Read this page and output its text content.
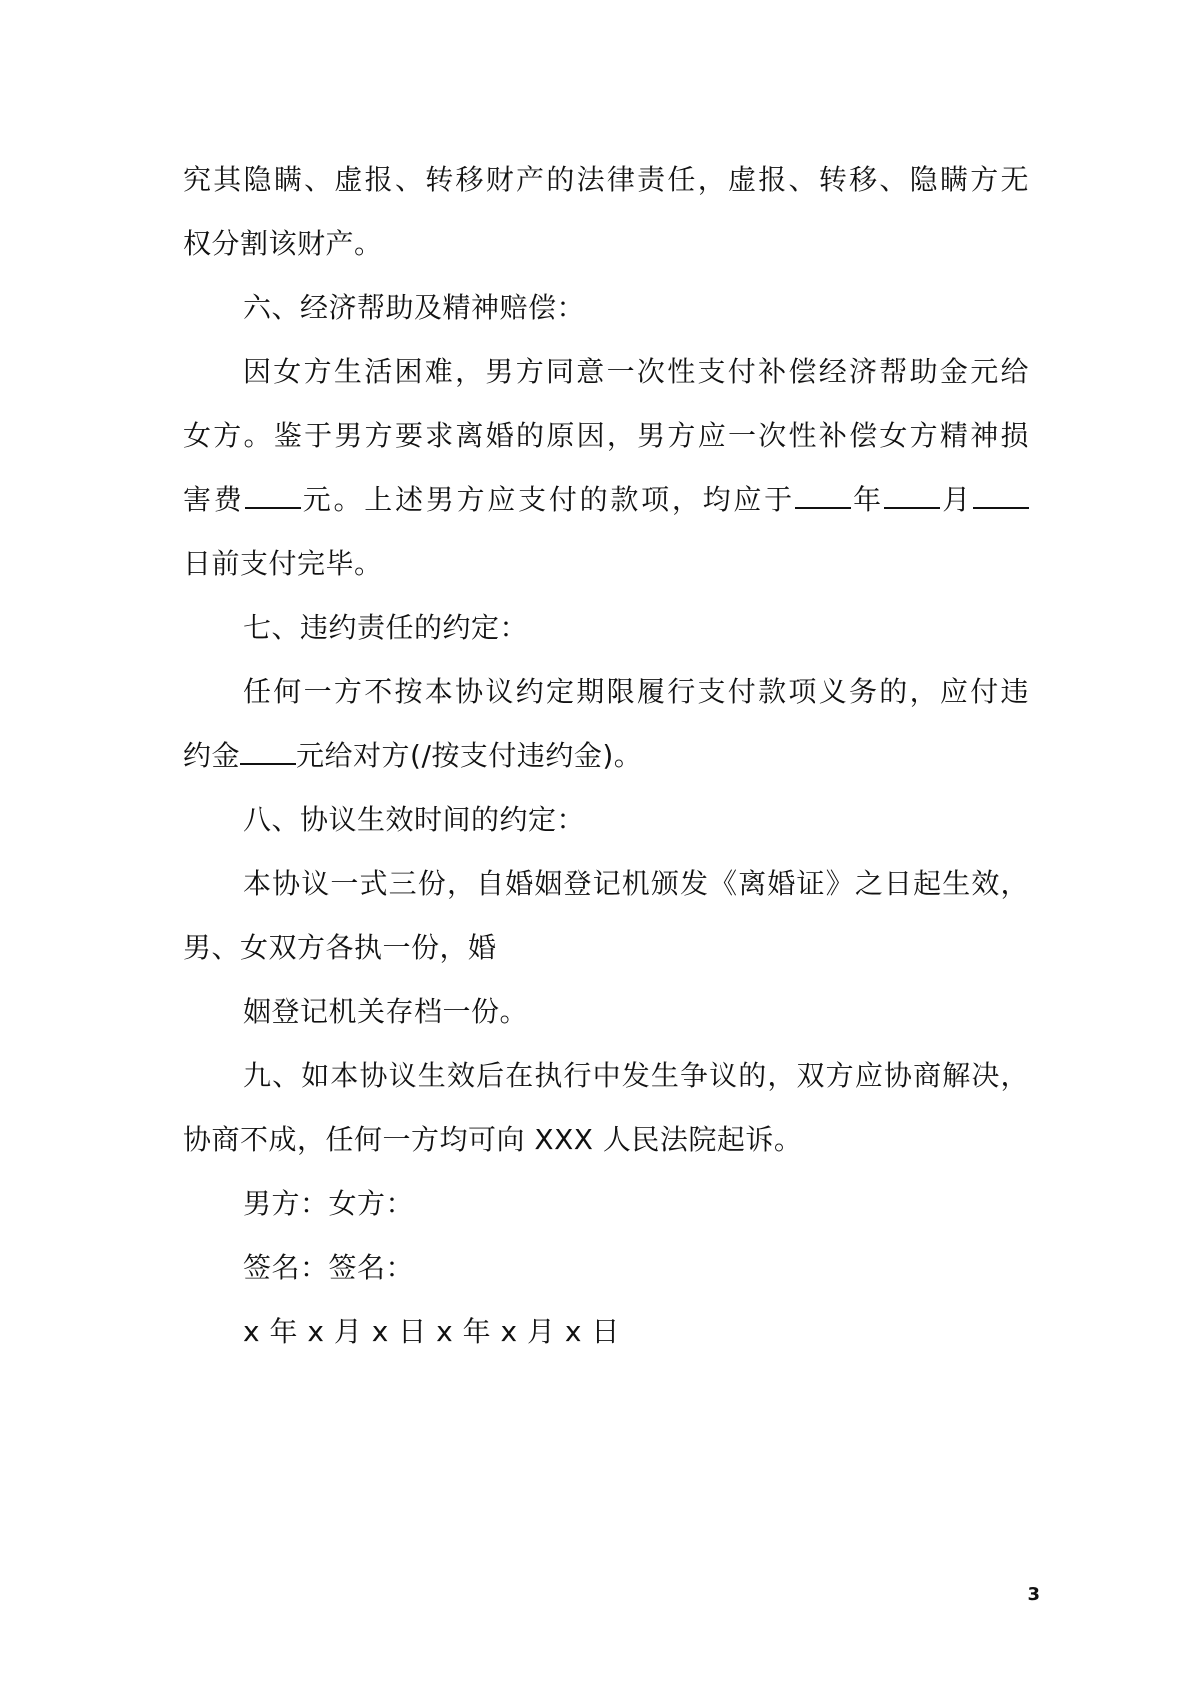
究其隐瞒、虚报、转移财产的法律责任，虚报、转移、隐瞒方无
权分割该财产。
六、经济帮助及精神赔偿：
因女方生活困难，男方同意一次性支付补偿经济帮助金元给
女方。鉴于男方要求离婚的原因，男方应一次性补偿女方精神损
害费 元。上述男方应支付的款项，均应于 年 月
日前支付完毕。
七、违约责任的约定：
任何一方不按本协议约定期限履行支付款项义务的，应付违
约金 元给对方(/按支付违约金)。
八、协议生效时间的约定：
本协议一式三份，自婚姻登记机颁发《离婚证》之日起生效，
男、女双方各执一份，婚
姻登记机关存档一份。
九、如本协议生效后在执行中发生争议的，双方应协商解决，
协商不成，任何一方均可向 XXX 人民法院起诉。
男方：女方：
签名：签名：
x 年 x 月 x 日 x 年 x 月 x 日
3
